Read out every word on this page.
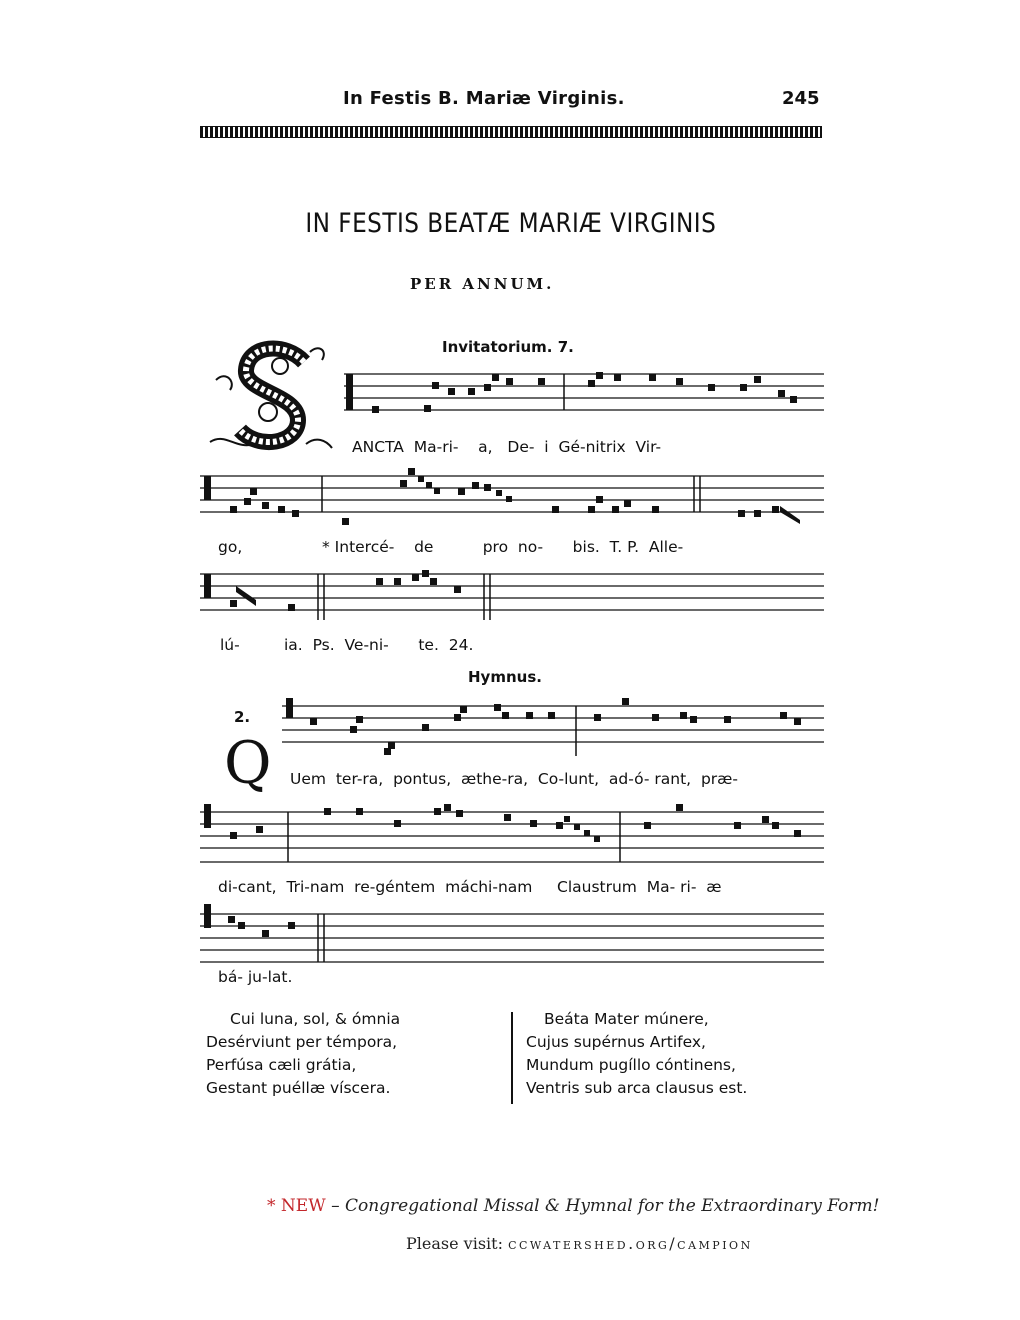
In Festis B. Mariæ Virginis.	245
IN FESTIS BEATÆ MARIÆ VIRGINIS
PER ANNUM.
Invitatorium. 7.
ANCTA  Ma-ri-    a,   De-  i  Gé-nitrix  Vir-
go,	* Intercé-    de          pro  no-      bis.  T. P.  Alle-
lú-	ia.  Ps.  Ve-ni-      te.  24.
Hymnus.
2.
Q Uem  ter-ra,  pontus,  æthe-ra,  Co-lunt,  ad-ó- rant,  præ-
di-cant,  Tri-nam  re-géntem  máchi-nam     Claustrum  Ma- ri-  æ
bá- ju-lat.
Cui luna, sol, & ómnia
Desérviunt per témpora,
Perfúsa cæli grátia,
Gestant puéllæ víscera.
Beáta Mater múnere,
Cujus supérnus Artifex,
Mundum pugíllo cóntinens,
Ventris sub arca clausus est.
* NEW – Congregational Missal & Hymnal for the Extraordinary Form!
Please visit: ccwatershed.org/campion
